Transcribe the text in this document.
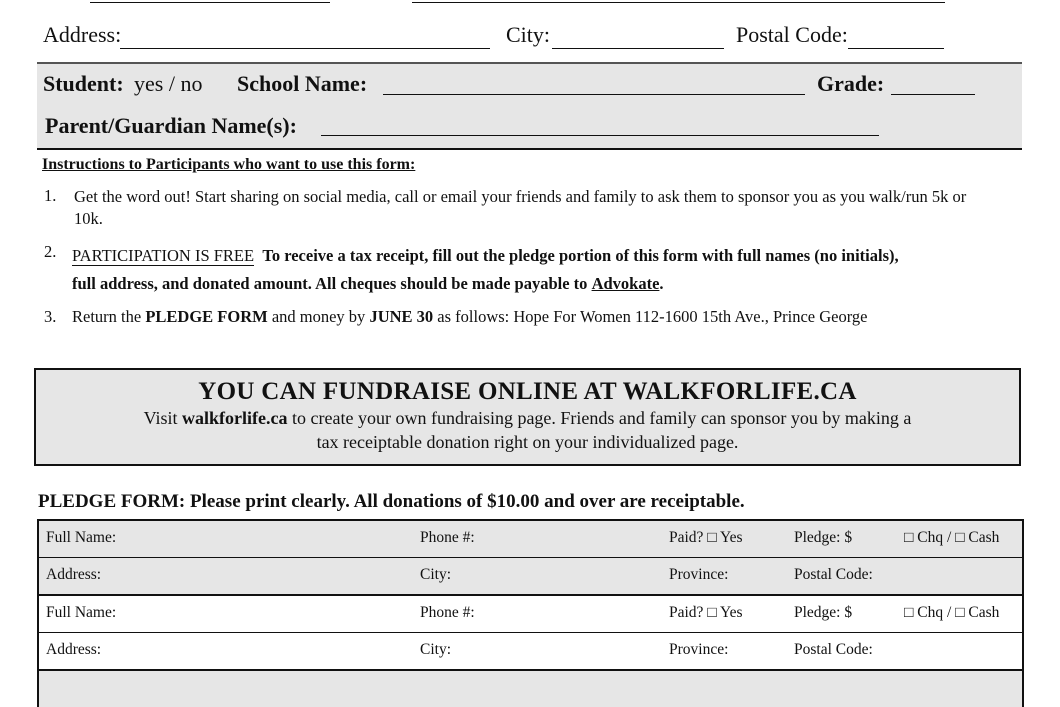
Address:	City:	Postal Code:
Student: yes / no School Name:	Grade:
Parent/Guardian Name(s):
Instructions to Participants who want to use this form:
1. Get the word out! Start sharing on social media, call or email your friends and family to ask them to sponsor you as you walk/run 5k or 10k.
2. PARTICIPATION IS FREE To receive a tax receipt, fill out the pledge portion of this form with full names (no initials),
full address, and donated amount. All cheques should be made payable to Advokate.
3. Return the PLEDGE FORM and money by JUNE 30 as follows: Hope For Women 112-1600 15th Ave., Prince George
YOU CAN FUNDRAISE ONLINE AT WALKFORLIFE.CA
Visit walkforlife.ca to create your own fundraising page. Friends and family can sponsor you by making a
tax receiptable donation right on your individualized page.
PLEDGE FORM: Please print clearly. All donations of $10.00 and over are receiptable.
Full Name:	Phone #:	Paid? □ Yes	Pledge: $	□ Chq / □ Cash
Address:	City:	Province:	Postal Code:
Full Name:	Phone #:	Paid? □ Yes	Pledge: $	□ Chq / □ Cash
Address:	City:	Province:	Postal Code:
